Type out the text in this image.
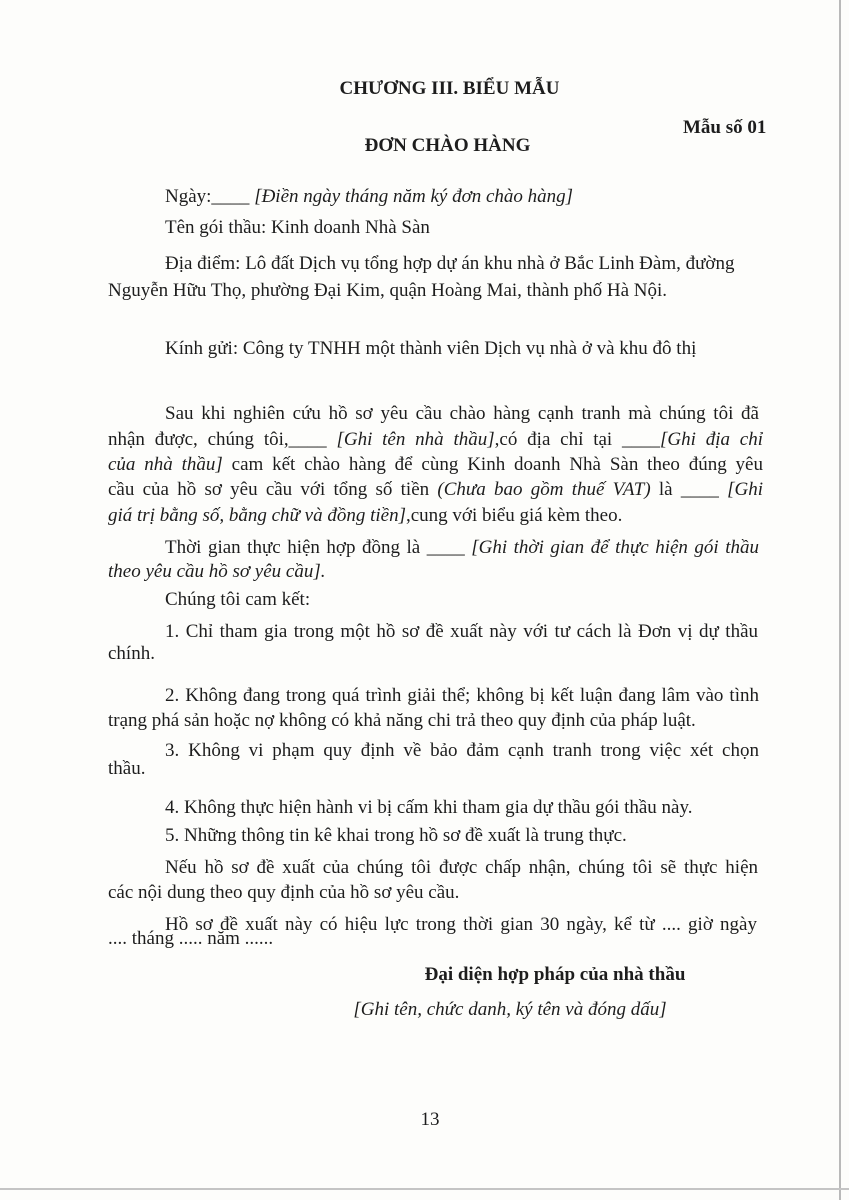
CHƯƠNG III. BIỂU MẪU
Mẫu số 01
ĐƠN CHÀO HÀNG
Ngày:____ [Điền ngày tháng năm ký đơn chào hàng]
Tên gói thầu: Kinh doanh Nhà Sàn
Địa điểm: Lô đất Dịch vụ tổng hợp dự án khu nhà ở Bắc Linh Đàm, đường
Nguyễn Hữu Thọ, phường Đại Kim, quận Hoàng Mai, thành phố Hà Nội.
Kính gửi: Công ty TNHH một thành viên Dịch vụ nhà ở và khu đô thị
Sau khi nghiên cứu hồ sơ yêu cầu chào hàng cạnh tranh mà chúng tôi đã
nhận được, chúng tôi,____ [Ghi tên nhà thầu],có địa chỉ tại ____[Ghi địa chỉ
của nhà thầu] cam kết chào hàng để cùng Kinh doanh Nhà Sàn theo đúng yêu
cầu của hồ sơ yêu cầu với tổng số tiền (Chưa bao gồm thuế VAT) là ____ [Ghi
giá trị bằng số, bằng chữ và đồng tiền],cung với biểu giá kèm theo.
Thời gian thực hiện hợp đồng là ____ [Ghi thời gian để thực hiện gói thầu
theo yêu cầu hồ sơ yêu cầu].
Chúng tôi cam kết:
1. Chỉ tham gia trong một hồ sơ đề xuất này với tư cách là Đơn vị dự thầu
chính.
2. Không đang trong quá trình giải thể; không bị kết luận đang lâm vào tình
trạng phá sản hoặc nợ không có khả năng chi trả theo quy định của pháp luật.
3. Không vi phạm quy định về bảo đảm cạnh tranh trong việc xét chọn
thầu.
4. Không thực hiện hành vi bị cấm khi tham gia dự thầu gói thầu này.
5. Những thông tin kê khai trong hồ sơ đề xuất là trung thực.
Nếu hồ sơ đề xuất của chúng tôi được chấp nhận, chúng tôi sẽ thực hiện
các nội dung theo quy định của hồ sơ yêu cầu.
Hồ sơ đề xuất này có hiệu lực trong thời gian 30 ngày, kể từ .... giờ ngày
.... tháng ..... năm ......
Đại diện hợp pháp của nhà thầu
[Ghi tên, chức danh, ký tên và đóng dấu]
13
